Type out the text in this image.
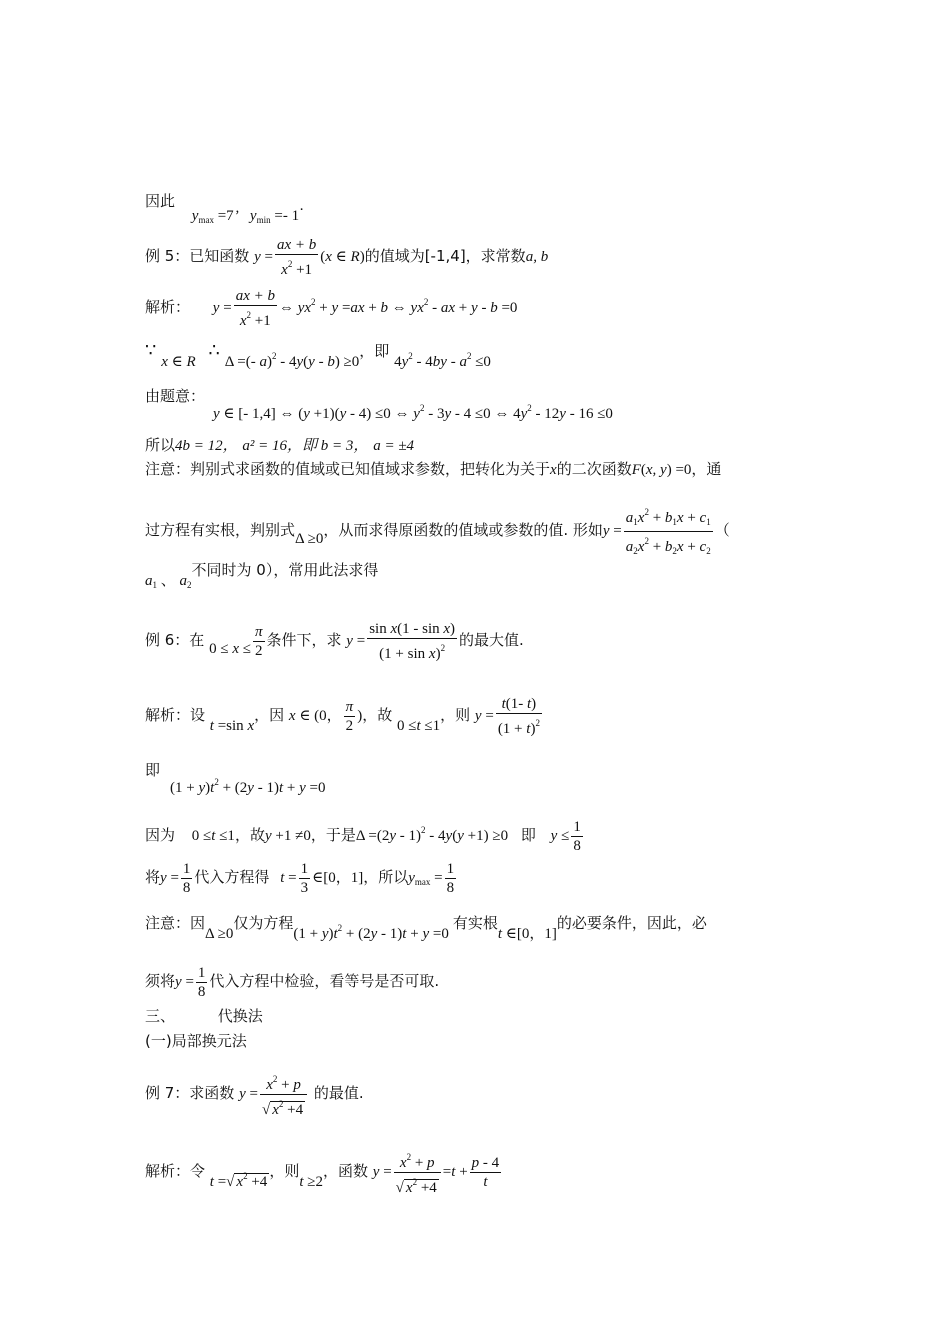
因此 $y_{max} =7$’   $y_{min} =- 1\cdot$
例 5：已知函数 $y = \frac{ax + b}{x^2 +1} (x$ ∈ R)的值域为[-1,4]，求常数a, b
解析： $y = \frac{ax + b}{x^2 +1}$ ⇔ $yx^2 + y =ax + b$ ⇔ $yx^2$ - ax + y - b =0
∵ x ∈ R ∴ Δ =(- a)$^2$ - 4y(y - b) ≥0，即 $4y^2 - 4by - a^2 \le 0$
由题意：
y ∈ [- 1,4] ⇔ (y +1)(y - 4) ≤0 ⇔ $y^2 - 3y - 4 \le 0$ ⇔ $4y^2 - 12y - 16 \le 0$
所以4b = 12， a² = 16，即 b = 3， a = ±4
注意：判别式求函数的值域或已知值域求参数，把转化为关于x的二次函数F(x, y) =0，通
过方程有实根，判别式Δ ≥0，从而求得原函数的值域或参数的值. 形如$y = \frac{a_1x^2 + b_1x + c_1}{a_2x^2 + b_2x + c_2}$ （
$a_1$ 、 $a_2$不同时为 0），常用此法求得
例 6：在 $0 \le x \le \frac{\pi}{2}$ 条件下，求 $y = \frac{\text{sin x(1 - sin x)}}{(1 + \sin x)^2}$ 的最大值.
解析：设 t =sin x，因 x ∈ (0， $\frac{\pi}{2}$ )，故 0 ≤t ≤1，则 $y = \frac{t(1- t)}{(1 + t)^2}$
即
$(1 + y)t^2 + (2y - 1)t + y =0$
因为 0 ≤t ≤1，故y +1 ≠0，于是Δ =(2y - 1)$^2$ - 4y(y +1) ≥0 即 $y \le \frac{1}{8}$
将$y = \frac{1}{8}$ 代入方程得 $t = \frac{1}{3}$ ∈[0，1]，所以$y_{max} = \frac{1}{8}$
注意：因Δ ≥0仅为方程$(1 + y)t^2 + (2y - 1)t + y =0$有实根t ∈[0，1]的必要条件，因此，必
须将$y = \frac{1}{8}$ 代入方程中检验，看等号是否可取.
三、	代换法
(一)局部换元法
例 7：求函数 $y = \frac{x^2 + p}{√ x^2 +4}$ 的最值.
解析：令 t =√ $x^2 +4$，则t ≥2，函数 $y = \frac{x^2 + p}{√ x^2 +4} =t + \frac{p - 4}{t}$
